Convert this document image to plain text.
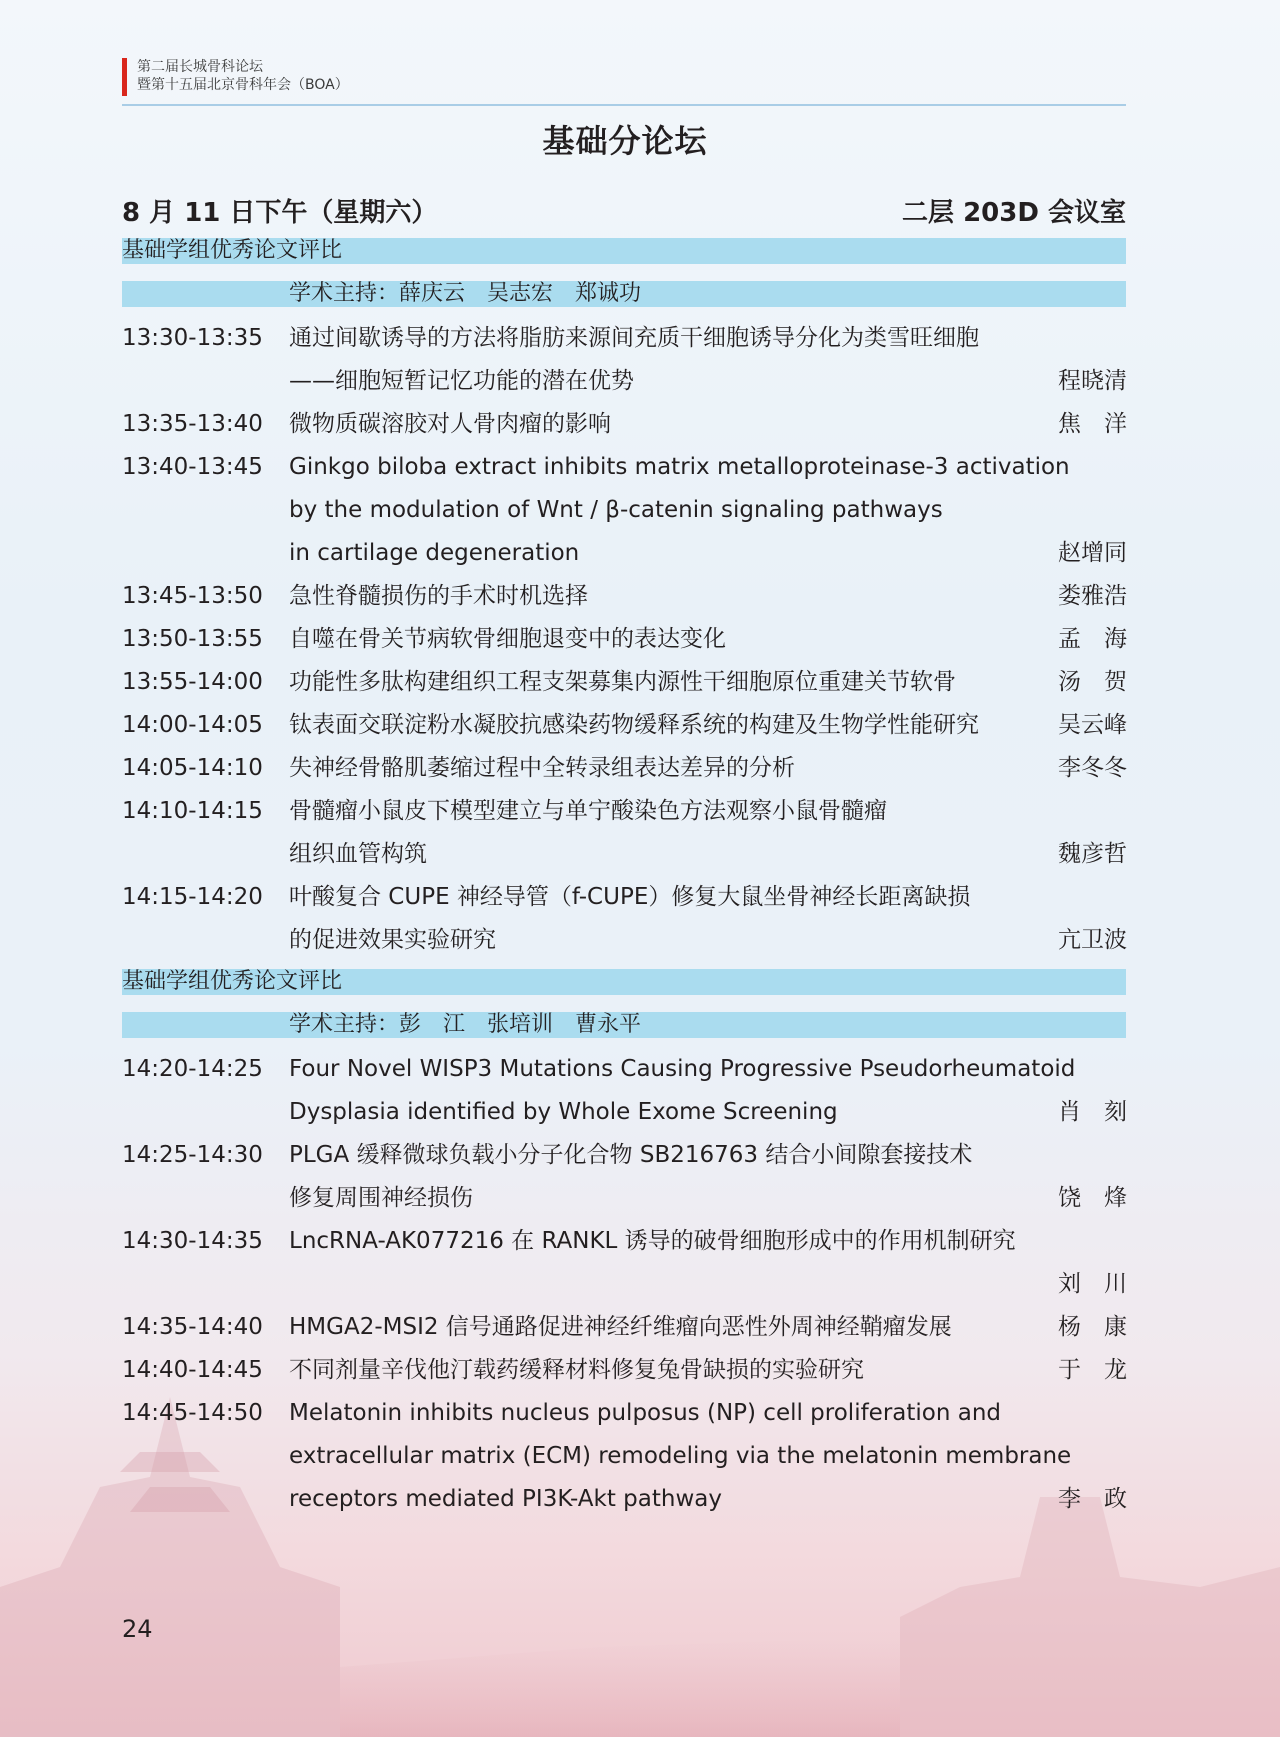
第二届长城骨科论坛
暨第十五届北京骨科年会（BOA）
基础分论坛
8 月 11 日下午（星期六）	二层 203D 会议室
基础学组优秀论文评比
学术主持：薛庆云　吴志宏　郑诚功
13:30-13:35 通过间歇诱导的方法将脂肪来源间充质干细胞诱导分化为类雪旺细胞
——细胞短暂记忆功能的潜在优势	程晓清
13:35-13:40 微物质碳溶胶对人骨肉瘤的影响	焦　洋
13:40-13:45 Ginkgo biloba extract inhibits matrix metalloproteinase-3 activation
by the modulation of Wnt / β-catenin signaling pathways
in cartilage degeneration	赵增同
13:45-13:50 急性脊髓损伤的手术时机选择	娄雅浩
13:50-13:55 自噬在骨关节病软骨细胞退变中的表达变化	孟　海
13:55-14:00 功能性多肽构建组织工程支架募集内源性干细胞原位重建关节软骨	汤　贺
14:00-14:05 钛表面交联淀粉水凝胶抗感染药物缓释系统的构建及生物学性能研究	吴云峰
14:05-14:10 失神经骨骼肌萎缩过程中全转录组表达差异的分析	李冬冬
14:10-14:15 骨髓瘤小鼠皮下模型建立与单宁酸染色方法观察小鼠骨髓瘤
组织血管构筑	魏彦哲
14:15-14:20 叶酸复合 CUPE 神经导管（f-CUPE）修复大鼠坐骨神经长距离缺损
的促进效果实验研究	亢卫波
基础学组优秀论文评比
学术主持：彭　江　张培训　曹永平
14:20-14:25 Four Novel WISP3 Mutations Causing Progressive Pseudorheumatoid
Dysplasia identified by Whole Exome Screening	肖　刻
14:25-14:30 PLGA 缓释微球负载小分子化合物 SB216763 结合小间隙套接技术
修复周围神经损伤	饶　烽
14:30-14:35 LncRNA-AK077216 在 RANKL 诱导的破骨细胞形成中的作用机制研究
刘　川
14:35-14:40 HMGA2-MSI2 信号通路促进神经纤维瘤向恶性外周神经鞘瘤发展	杨　康
14:40-14:45 不同剂量辛伐他汀载药缓释材料修复兔骨缺损的实验研究	于　龙
14:45-14:50 Melatonin inhibits nucleus pulposus (NP) cell proliferation and
extracellular matrix (ECM) remodeling via the melatonin membrane
receptors mediated PI3K-Akt pathway	李　政
24
